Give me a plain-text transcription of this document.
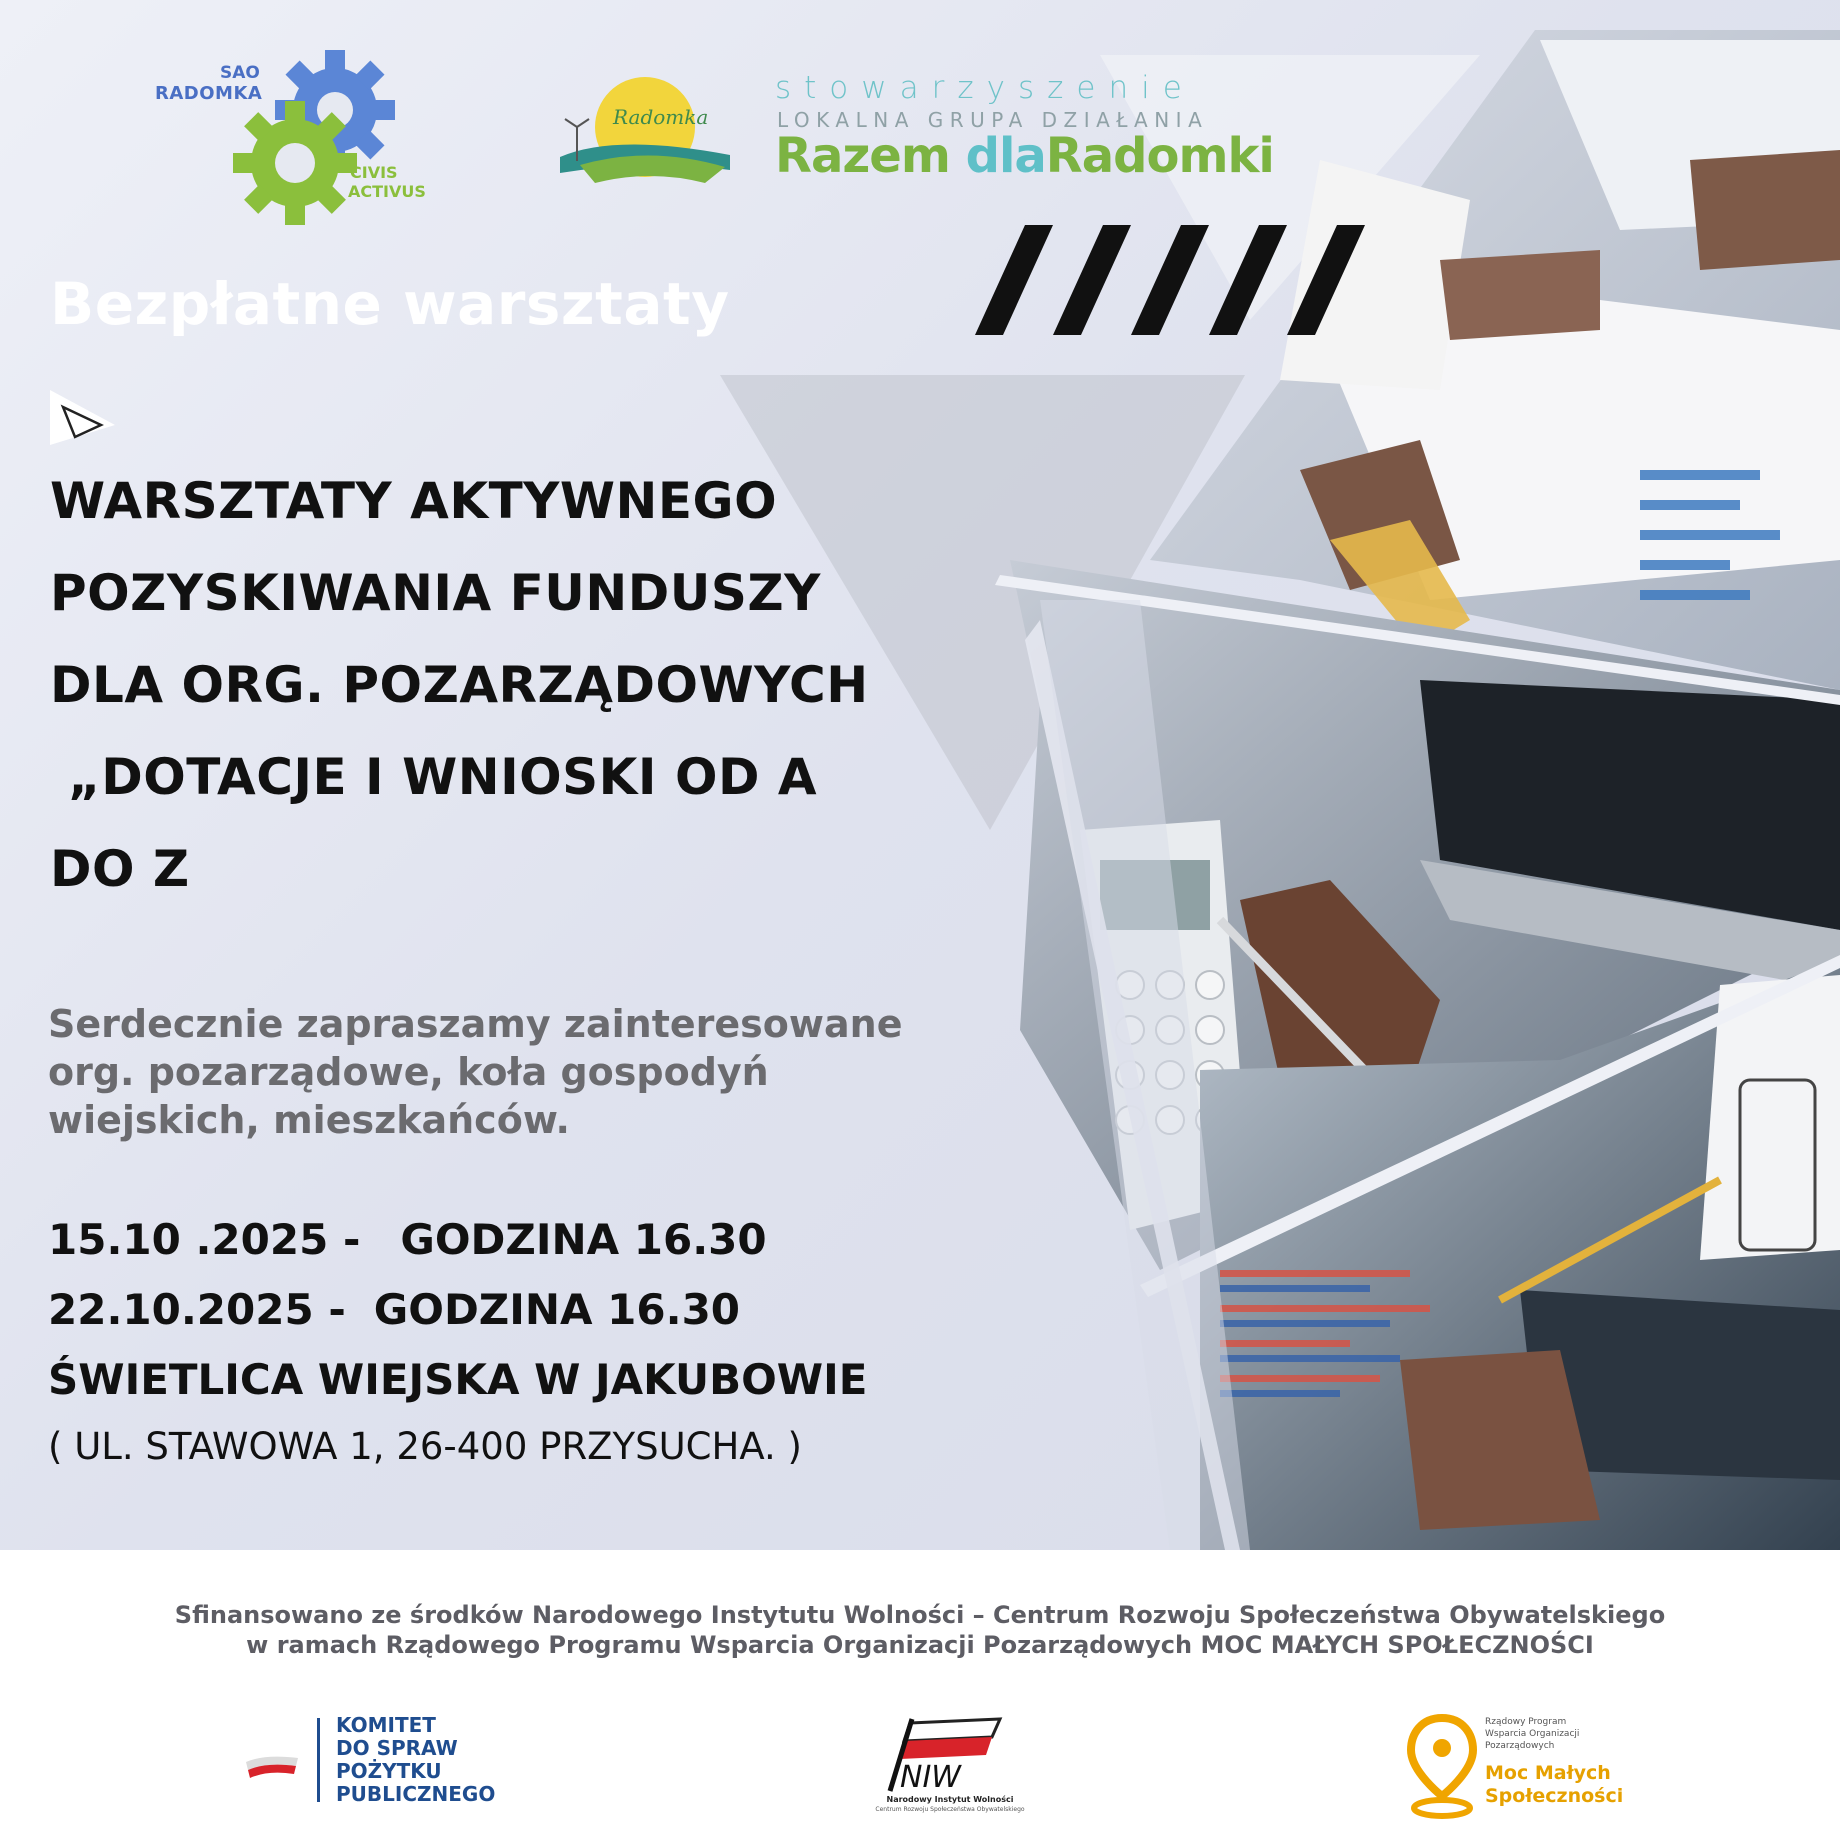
SAO
RADOMKA
CIVIS
ACTIVUS
Radomka
stowarzyszenie
LOKALNA GRUPA DZIAŁANIA
Razem dlaRadomki
Bezpłatne warsztaty
WARSZTATY AKTYWNEGO
POZYSKIWANIA FUNDUSZY
DLA ORG. POZARZĄDOWYCH
„DOTACJE I WNIOSKI OD A
DO Z
Serdecznie zapraszamy zainteresowane
org. pozarządowe, koła gospodyń
wiejskich, mieszkańców.
15.10 .2025 - GODZINA 16.30
22.10.2025 - GODZINA 16.30
ŚWIETLICA WIEJSKA W JAKUBOWIE
( UL. STAWOWA 1, 26-400 PRZYSUCHA. )
Sfinansowano ze środków Narodowego Instytutu Wolności – Centrum Rozwoju Społeczeństwa Obywatelskiego
w ramach Rządowego Programu Wsparcia Organizacji Pozarządowych MOC MAŁYCH SPOŁECZNOŚCI
KOMITET
DO SPRAW
POŻYTKU
PUBLICZNEGO	NIW
Narodowy Instytut Wolności
Centrum Rozwoju Społeczeństwa Obywatelskiego
Rządowy Program
Wsparcia Organizacji
Pozarządowych
Moc Małych
Społeczności
